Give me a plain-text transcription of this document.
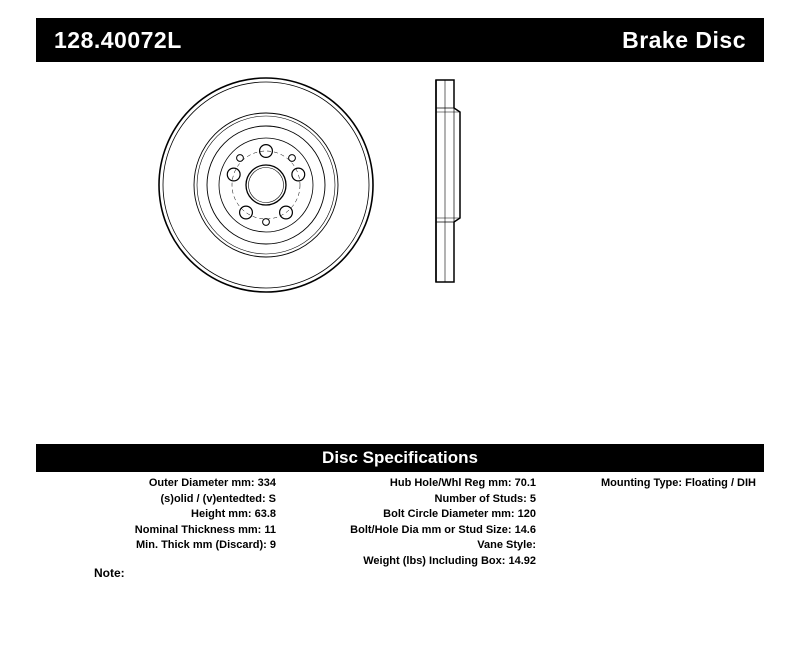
128.40072L	Brake Disc
Disc Specifications
Outer Diameter mm: 334
(s)olid / (v)entedted: S
Height mm: 63.8
Nominal Thickness mm: 11
Min. Thick mm (Discard): 9
Hub Hole/Whl Reg mm: 70.1
Number of Studs: 5
Bolt Circle Diameter mm: 120
Bolt/Hole Dia mm or Stud Size: 14.6
Vane Style:
Weight (lbs) Including Box: 14.92
Mounting Type: Floating / DIH
Note:
